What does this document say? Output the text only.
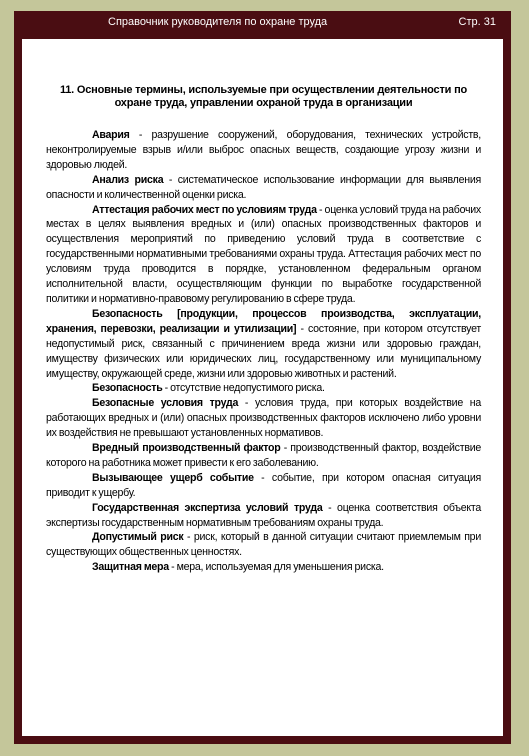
Справочник руководителя по охране труда	Стр. 31
11. Основные термины, используемые при осуществлении деятельности по охране труда, управлении охраной труда в организации

Авария - разрушение сооружений, оборудования, технических устройств, неконтролируемые взрыв и/или выброс опасных веществ, создающие угрозу жизни и здоровью людей.

Анализ риска - систематическое использование информации для выявления опасности и количественной оценки риска.

Аттестация рабочих мест по условиям труда - оценка условий труда на рабочих местах в целях выявления вредных и (или) опасных производственных факторов и осуществления мероприятий по приведению условий труда в соответствие с государственными нормативными требованиями охраны труда. Аттестация рабочих мест по условиям труда проводится в порядке, установленном федеральным органом исполнительной власти, осуществляющим функции по выработке государственной политики и нормативно-правовому регулированию в сфере труда.

Безопасность [продукции, процессов производства, эксплуатации, хранения, перевозки, реализации и утилизации] - состояние, при котором отсутствует недопустимый риск, связанный с причинением вреда жизни или здоровью граждан, имуществу физических или юридических лиц, государственному или муниципальному имуществу, окружающей среде, жизни или здоровью животных и растений.

Безопасность - отсутствие недопустимого риска.

Безопасные условия труда - условия труда, при которых воздействие на работающих вредных и (или) опасных производственных факторов исключено либо уровни их воздействия не превышают установленных нормативов.

Вредный производственный фактор - производственный фактор, воздействие которого на работника может привести к его заболеванию.

Вызывающее ущерб событие - событие, при котором опасная ситуация приводит к ущербу.

Государственная экспертиза условий труда - оценка соответствия объекта экспертизы государственным нормативным требованиям охраны труда.

Допустимый риск - риск, который в данной ситуации считают приемлемым при существующих общественных ценностях.

Защитная мера - мера, используемая для уменьшения риска.
